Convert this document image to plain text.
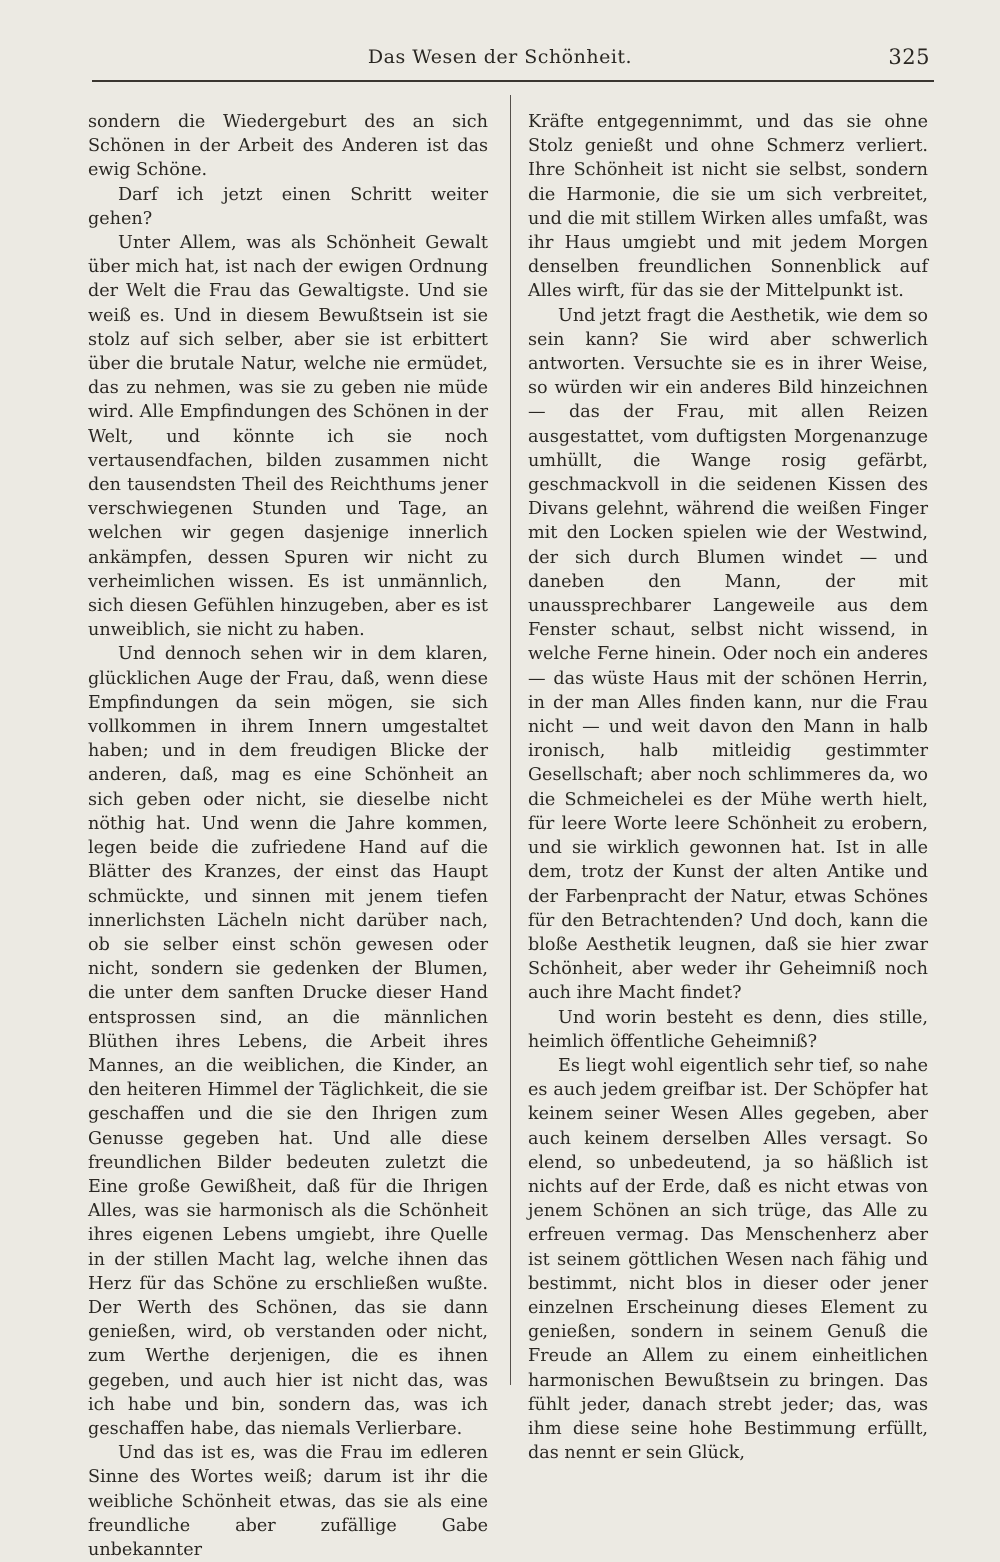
Das Wesen der Schönheit.	325

sondern die Wiedergeburt des an sich Schönen in der Arbeit des Anderen ist das ewig Schöne.

Darf ich jetzt einen Schritt weiter gehen?

Unter Allem, was als Schönheit Gewalt über mich hat, ist nach der ewigen Ordnung der Welt die Frau das Gewaltigste. Und sie weiß es. Und in diesem Bewußtsein ist sie stolz auf sich selber, aber sie ist erbittert über die brutale Natur, welche nie ermüdet, das zu nehmen, was sie zu geben nie müde wird. Alle Empfindungen des Schönen in der Welt, und könnte ich sie noch vertausendfachen, bilden zusammen nicht den tausendsten Theil des Reichthums jener verschwiegenen Stunden und Tage, an welchen wir gegen dasjenige innerlich ankämpfen, dessen Spuren wir nicht zu verheimlichen wissen. Es ist unmännlich, sich diesen Gefühlen hinzugeben, aber es ist unweiblich, sie nicht zu haben.

Und dennoch sehen wir in dem klaren, glücklichen Auge der Frau, daß, wenn diese Empfindungen da sein mögen, sie sich vollkommen in ihrem Innern umgestaltet haben; und in dem freudigen Blicke der anderen, daß, mag es eine Schönheit an sich geben oder nicht, sie dieselbe nicht nöthig hat. Und wenn die Jahre kommen, legen beide die zufriedene Hand auf die Blätter des Kranzes, der einst das Haupt schmückte, und sinnen mit jenem tiefen innerlichsten Lächeln nicht darüber nach, ob sie selber einst schön gewesen oder nicht, sondern sie gedenken der Blumen, die unter dem sanften Drucke dieser Hand entsprossen sind, an die männlichen Blüthen ihres Lebens, die Arbeit ihres Mannes, an die weiblichen, die Kinder, an den heiteren Himmel der Täglichkeit, die sie geschaffen und die sie den Ihrigen zum Genusse gegeben hat. Und alle diese freundlichen Bilder bedeuten zuletzt die Eine große Gewißheit, daß für die Ihrigen Alles, was sie harmonisch als die Schönheit ihres eigenen Lebens umgiebt, ihre Quelle in der stillen Macht lag, welche ihnen das Herz für das Schöne zu erschließen wußte. Der Werth des Schönen, das sie dann genießen, wird, ob verstanden oder nicht, zum Werthe derjenigen, die es ihnen gegeben, und auch hier ist nicht das, was ich habe und bin, sondern das, was ich geschaffen habe, das niemals Verlierbare.

Und das ist es, was die Frau im edleren Sinne des Wortes weiß; darum ist ihr die weibliche Schönheit etwas, das sie als eine freundliche aber zufällige Gabe unbekannter

Kräfte entgegennimmt, und das sie ohne Stolz genießt und ohne Schmerz verliert. Ihre Schönheit ist nicht sie selbst, sondern die Harmonie, die sie um sich verbreitet, und die mit stillem Wirken alles umfaßt, was ihr Haus umgiebt und mit jedem Morgen denselben freundlichen Sonnenblick auf Alles wirft, für das sie der Mittelpunkt ist.

Und jetzt fragt die Aesthetik, wie dem so sein kann? Sie wird aber schwerlich antworten. Versuchte sie es in ihrer Weise, so würden wir ein anderes Bild hinzeichnen — das der Frau, mit allen Reizen ausgestattet, vom duftigsten Morgenanzuge umhüllt, die Wange rosig gefärbt, geschmackvoll in die seidenen Kissen des Divans gelehnt, während die weißen Finger mit den Locken spielen wie der Westwind, der sich durch Blumen windet — und daneben den Mann, der mit unaussprechbarer Langeweile aus dem Fenster schaut, selbst nicht wissend, in welche Ferne hinein. Oder noch ein anderes — das wüste Haus mit der schönen Herrin, in der man Alles finden kann, nur die Frau nicht — und weit davon den Mann in halb ironisch, halb mitleidig gestimmter Gesellschaft; aber noch schlimmeres da, wo die Schmeichelei es der Mühe werth hielt, für leere Worte leere Schönheit zu erobern, und sie wirklich gewonnen hat. Ist in alle dem, trotz der Kunst der alten Antike und der Farbenpracht der Natur, etwas Schönes für den Betrachtenden? Und doch, kann die bloße Aesthetik leugnen, daß sie hier zwar Schönheit, aber weder ihr Geheimniß noch auch ihre Macht findet?

Und worin besteht es denn, dies stille, heimlich öffentliche Geheimniß?

Es liegt wohl eigentlich sehr tief, so nahe es auch jedem greifbar ist. Der Schöpfer hat keinem seiner Wesen Alles gegeben, aber auch keinem derselben Alles versagt. So elend, so unbedeutend, ja so häßlich ist nichts auf der Erde, daß es nicht etwas von jenem Schönen an sich trüge, das Alle zu erfreuen vermag. Das Menschenherz aber ist seinem göttlichen Wesen nach fähig und bestimmt, nicht blos in dieser oder jener einzelnen Erscheinung dieses Element zu genießen, sondern in seinem Genuß die Freude an Allem zu einem einheitlichen harmonischen Bewußtsein zu bringen. Das fühlt jeder, danach strebt jeder; das, was ihm diese seine hohe Bestimmung erfüllt, das nennt er sein Glück,
